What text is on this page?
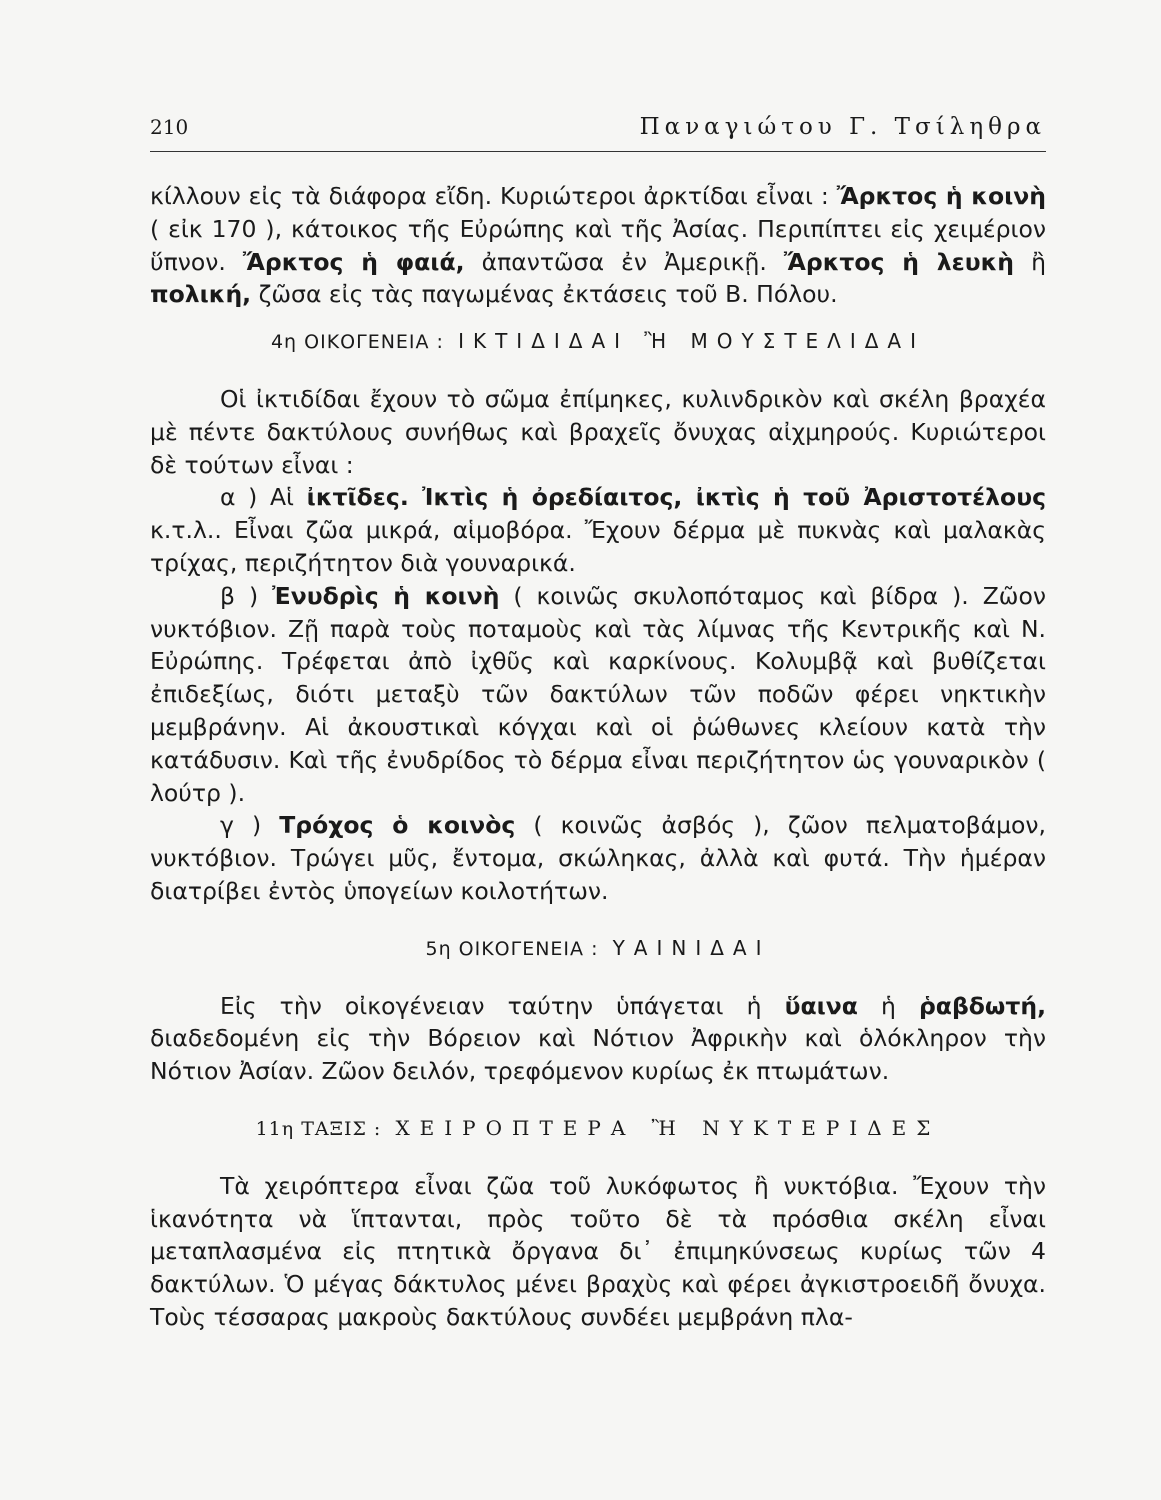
210	Παναγιώτου Γ. Τσίληθρα

κίλλουν εἰς τὰ διάφορα εἴδη. Κυριώτεροι ἀρκτίδαι εἶναι : Ἄρκτος ἡ κοινὴ ( εἰκ 170 ), κάτοικος τῆς Εὐρώπης καὶ τῆς Ἀσίας. Περιπίπτει εἰς χειμέριον ὕπνον. Ἄρκτος ἡ φαιά, ἀπαντῶσα ἐν Ἀμερικῇ. Ἄρκτος ἡ λευκὴ ἢ πολική, ζῶσα εἰς τὰς παγωμένας ἐκτάσεις τοῦ Β. Πόλου.

4η ΟΙΚΟΓΕΝΕΙΑ : ΙΚΤΙΔΙΔΑΙ Ἢ ΜΟΥΣΤΕΛΙΔΑΙ

Οἱ ἰκτιδίδαι ἔχουν τὸ σῶμα ἐπίμηκες, κυλινδρικὸν καὶ σκέλη βραχέα μὲ πέντε δακτύλους συνήθως καὶ βραχεῖς ὄνυχας αἰχμηρούς. Κυριώτεροι δὲ τούτων εἶναι :

α ) Αἱ ἰκτῖδες. Ἰκτὶς ἡ ὀρεδίαιτος, ἰκτὶς ἡ τοῦ Ἀριστοτέλους κ.τ.λ.. Εἶναι ζῶα μικρά, αἱμοβόρα. Ἔχουν δέρμα μὲ πυκνὰς καὶ μαλακὰς τρίχας, περιζήτητον διὰ γουναρικά.

β ) Ἐνυδρὶς ἡ κοινὴ ( κοινῶς σκυλοπόταμος καὶ βίδρα ). Ζῶον νυκτόβιον. Ζῇ παρὰ τοὺς ποταμοὺς καὶ τὰς λίμνας τῆς Κεντρικῆς καὶ Ν. Εὐρώπης. Τρέφεται ἀπὸ ἰχθῦς καὶ καρκίνους. Κολυμβᾷ καὶ βυθίζεται ἐπιδεξίως, διότι μεταξὺ τῶν δακτύλων τῶν ποδῶν φέρει νηκτικὴν μεμβράνην. Αἱ ἀκουστικαὶ κόγχαι καὶ οἱ ῥώθωνες κλείουν κατὰ τὴν κατάδυσιν. Καὶ τῆς ἐνυδρίδος τὸ δέρμα εἶναι περιζήτητον ὡς γουναρικὸν ( λούτρ ).

γ ) Τρόχος ὁ κοινὸς ( κοινῶς ἀσβός ), ζῶον πελματοβάμον, νυκτόβιον. Τρώγει μῦς, ἔντομα, σκώληκας, ἀλλὰ καὶ φυτά. Τὴν ἡμέραν διατρίβει ἐντὸς ὑπογείων κοιλοτήτων.

5η ΟΙΚΟΓΕΝΕΙΑ : ΥΑΙΝΙΔΑΙ

Εἰς τὴν οἰκογένειαν ταύτην ὑπάγεται ἡ ὕαινα ἡ ῥαβδωτή, διαδεδομένη εἰς τὴν Βόρειον καὶ Νότιον Ἀφρικὴν καὶ ὁλόκληρον τὴν Νότιον Ἀσίαν. Ζῶον δειλόν, τρεφόμενον κυρίως ἐκ πτωμάτων.

11η ΤΑΞΙΣ : ΧΕΙΡΟΠΤΕΡΑ Ἢ ΝΥΚΤΕΡΙΔΕΣ

Τὰ χειρόπτερα εἶναι ζῶα τοῦ λυκόφωτος ἢ νυκτόβια. Ἔχουν τὴν ἱκανότητα νὰ ἵπτανται, πρὸς τοῦτο δὲ τὰ πρόσθια σκέλη εἶναι μεταπλασμένα εἰς πτητικὰ ὄργανα δι᾽ ἐπιμηκύνσεως κυρίως τῶν 4 δακτύλων. Ὁ μέγας δάκτυλος μένει βραχὺς καὶ φέρει ἀγκιστροειδῆ ὄνυχα. Τοὺς τέσσαρας μακροὺς δακτύλους συνδέει μεμβράνη πλα-
